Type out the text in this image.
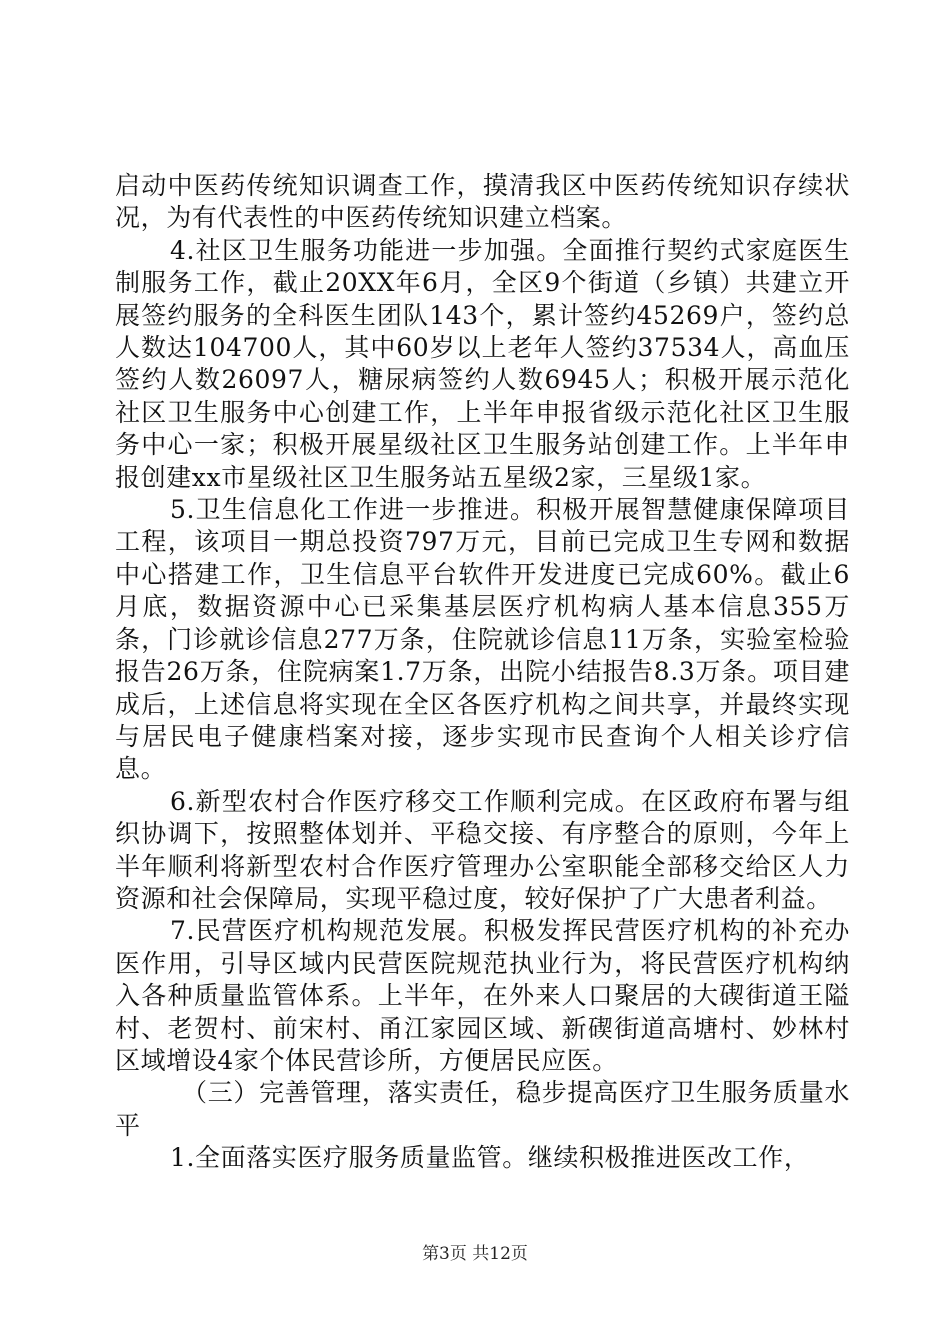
启动中医药传统知识调查工作，摸清我区中医药传统知识存续状况，为有代表性的中医药传统知识建立档案。

4.社区卫生服务功能进一步加强。全面推行契约式家庭医生制服务工作，截止20XX年6月，全区9个街道（乡镇）共建立开展签约服务的全科医生团队143个，累计签约45269户，签约总人数达104700人，其中60岁以上老年人签约37534人，高血压签约人数26097人，糖尿病签约人数6945人；积极开展示范化社区卫生服务中心创建工作，上半年申报省级示范化社区卫生服务中心一家；积极开展星级社区卫生服务站创建工作。上半年申报创建xx市星级社区卫生服务站五星级2家，三星级1家。

5.卫生信息化工作进一步推进。积极开展智慧健康保障项目工程，该项目一期总投资797万元，目前已完成卫生专网和数据中心搭建工作，卫生信息平台软件开发进度已完成60%。截止6月底，数据资源中心已采集基层医疗机构病人基本信息355万条，门诊就诊信息277万条，住院就诊信息11万条，实验室检验报告26万条，住院病案1.7万条，出院小结报告8.3万条。项目建成后，上述信息将实现在全区各医疗机构之间共享，并最终实现与居民电子健康档案对接，逐步实现市民查询个人相关诊疗信息。

6.新型农村合作医疗移交工作顺利完成。在区政府布署与组织协调下，按照整体划并、平稳交接、有序整合的原则，今年上半年顺利将新型农村合作医疗管理办公室职能全部移交给区人力资源和社会保障局，实现平稳过度，较好保护了广大患者利益。

7.民营医疗机构规范发展。积极发挥民营医疗机构的补充办医作用，引导区域内民营医院规范执业行为，将民营医疗机构纳入各种质量监管体系。上半年，在外来人口聚居的大碶街道王隘村、老贺村、前宋村、甬江家园区域、新碶街道高塘村、妙林村区域增设4家个体民营诊所，方便居民应医。

（三）完善管理，落实责任，稳步提高医疗卫生服务质量水平

1.全面落实医疗服务质量监管。继续积极推进医改工作，

第3页 共12页
